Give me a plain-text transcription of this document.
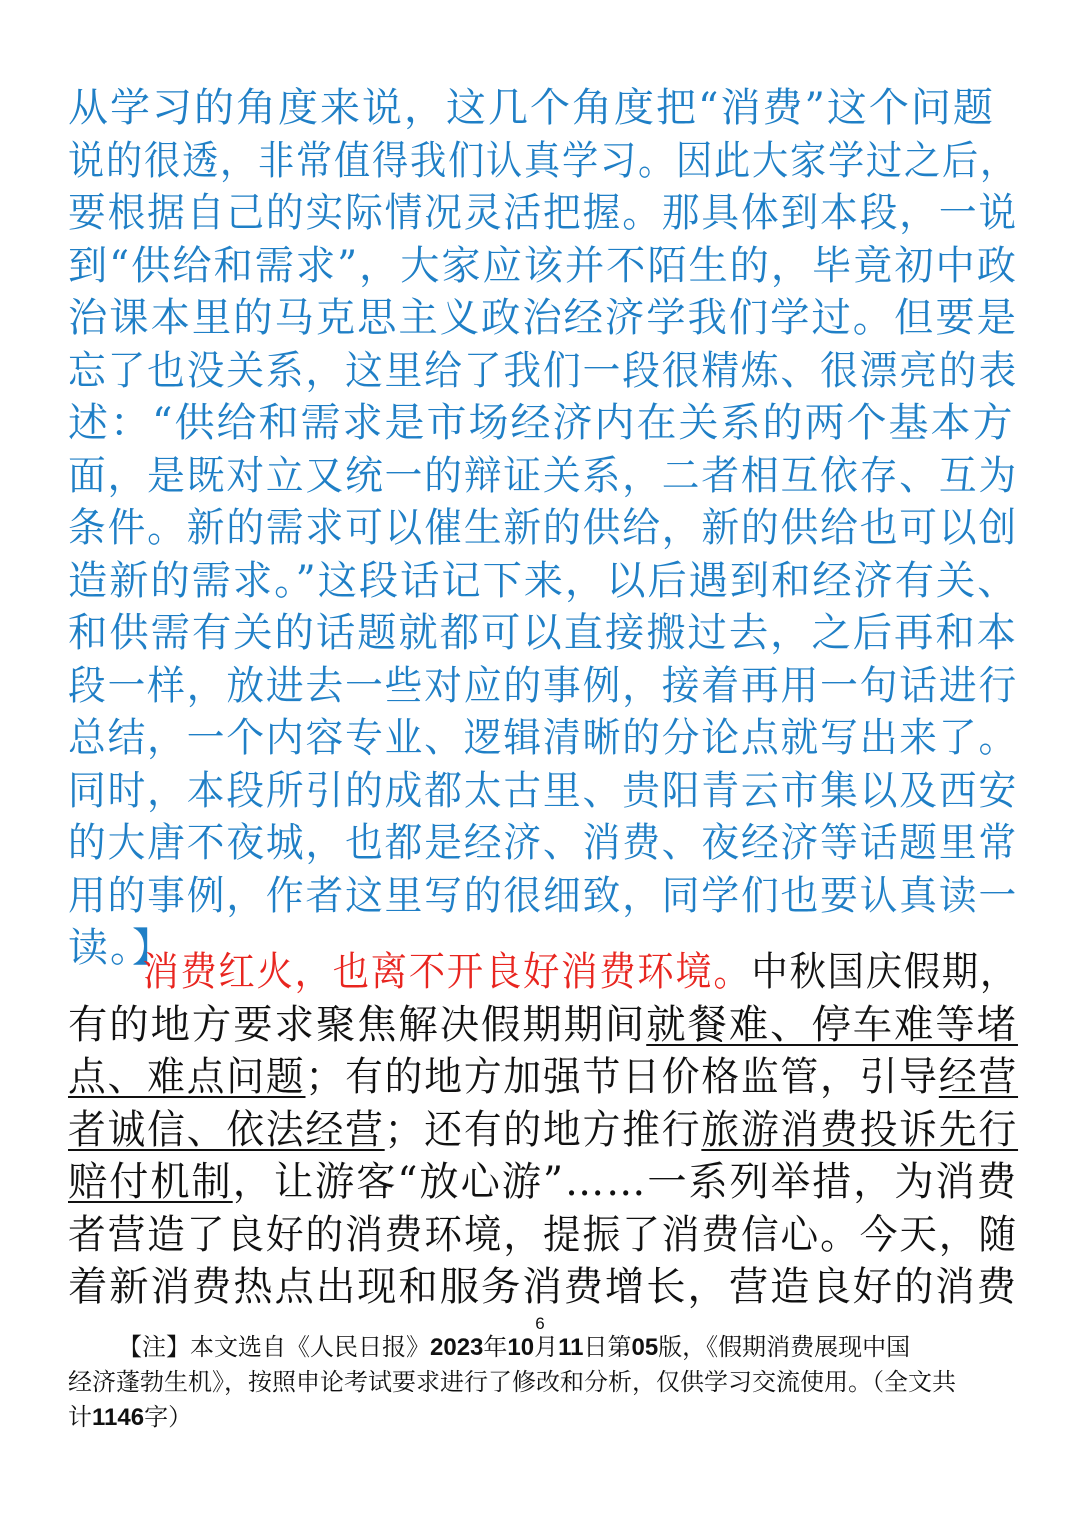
从学习的角度来说，这几个角度把“消费”这个问题
说的很透，非常值得我们认真学习。因此大家学过之后，
要根据自己的实际情况灵活把握。那具体到本段，一说
到“供给和需求”，大家应该并不陌生的，毕竟初中政
治课本里的马克思主义政治经济学我们学过。但要是
忘了也没关系，这里给了我们一段很精炼、很漂亮的表
述：“供给和需求是市场经济内在关系的两个基本方
面，是既对立又统一的辩证关系，二者相互依存、互为
条件。新的需求可以催生新的供给，新的供给也可以创
造新的需求。”这段话记下来，以后遇到和经济有关、
和供需有关的话题就都可以直接搬过去，之后再和本
段一样，放进去一些对应的事例，接着再用一句话进行
总结，一个内容专业、逻辑清晰的分论点就写出来了。
同时，本段所引的成都太古里、贵阳青云市集以及西安
的大唐不夜城，也都是经济、消费、夜经济等话题里常
用的事例，作者这里写的很细致，同学们也要认真读一
读。】
消费红火，也离不开良好消费环境。中秋国庆假期，
有的地方要求聚焦解决假期期间就餐难、停车难等堵
点、难点问题；有的地方加强节日价格监管，引导经营
者诚信、依法经营；还有的地方推行旅游消费投诉先行
赔付机制，让游客“放心游”……一系列举措，为消费
者营造了良好的消费环境，提振了消费信心。今天，随
着新消费热点出现和服务消费增长，营造良好的消费
6
【注】本文选自《人民日报》2023年10月11日第05版，《假期消费展现中国
经济蓬勃生机》，按照申论考试要求进行了修改和分析，仅供学习交流使用。（全文共
计1146字）
